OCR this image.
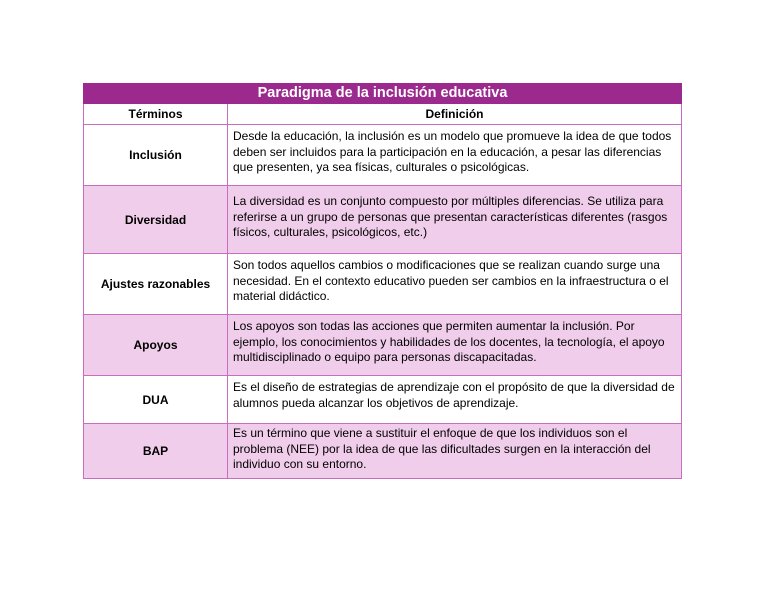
Paradigma de la inclusión educativa	
Términos	Definición
Inclusión	Desde la educación, la inclusión es un modelo que promueve la idea de que todos deben ser incluidos para la participación en la educación, a pesar las diferencias que presenten, ya sea físicas, culturales o psicológicas.
Diversidad	La diversidad es un conjunto compuesto por múltiples diferencias. Se utiliza para referirse a un grupo de personas que presentan características diferentes (rasgos físicos, culturales, psicológicos, etc.)
Ajustes razonables	Son todos aquellos cambios o modificaciones que se realizan cuando surge una necesidad. En el contexto educativo pueden ser cambios en la infraestructura o el material didáctico.
Apoyos	Los apoyos son todas las acciones que permiten aumentar la inclusión. Por ejemplo, los conocimientos y habilidades de los docentes, la tecnología, el apoyo multidisciplinado o equipo para personas discapacitadas.
DUA	Es el diseño de estrategias de aprendizaje con el propósito de que la diversidad de alumnos pueda alcanzar los objetivos de aprendizaje.
BAP	Es un término que viene a sustituir el enfoque de que los individuos son el problema (NEE) por la idea de que las dificultades surgen en la interacción del individuo con su entorno.
